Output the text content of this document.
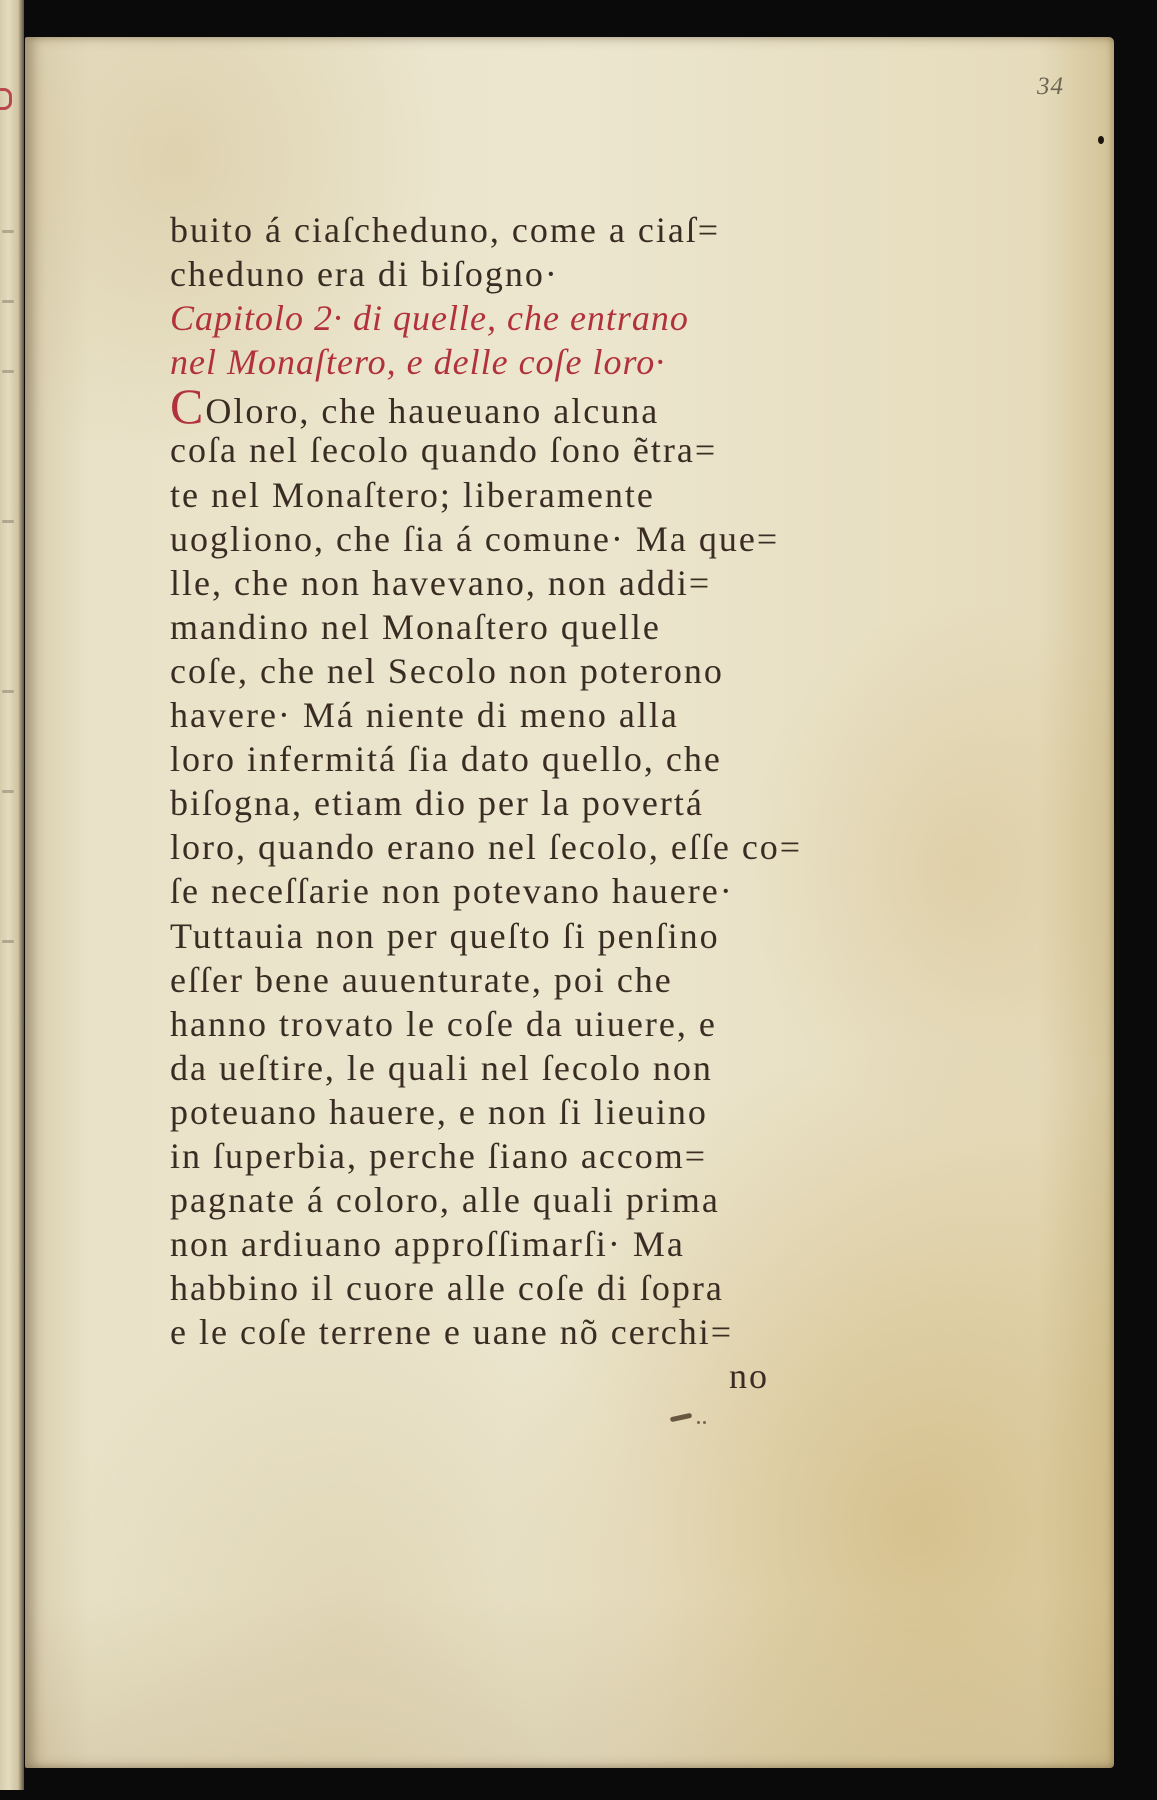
34
buito á ciaſcheduno, come a ciaſ=
cheduno era di biſogno·
Capitolo 2· di quelle, che entrano
nel Monaſtero, e delle coſe loro·
COloro, che haueuano alcuna
coſa nel ſecolo quando ſono ẽtra=
te nel Monaſtero; liberamente
uogliono, che ſia á comune· Ma que=
lle, che non havevano, non addi=
mandino nel Monaſtero quelle
coſe, che nel Secolo non poterono
havere· Má niente di meno alla
loro infermitá ſia dato quello, che
biſogna, etiam dio per la povertá
loro, quando erano nel ſecolo, eſſe co=
ſe neceſſarie non potevano hauere·
Tuttauia non per queſto ſi penſino
eſſer bene auuenturate, poi che
hanno trovato le coſe da uiuere, e
da ueſtire, le quali nel ſecolo non
poteuano hauere, e non ſi lieuino
in ſuperbia, perche ſiano accom=
pagnate á coloro, alle quali prima
non ardiuano approſſimarſi· Ma
habbino il cuore alle coſe di ſopra
e le coſe terrene e uane nõ cerchi=
no
